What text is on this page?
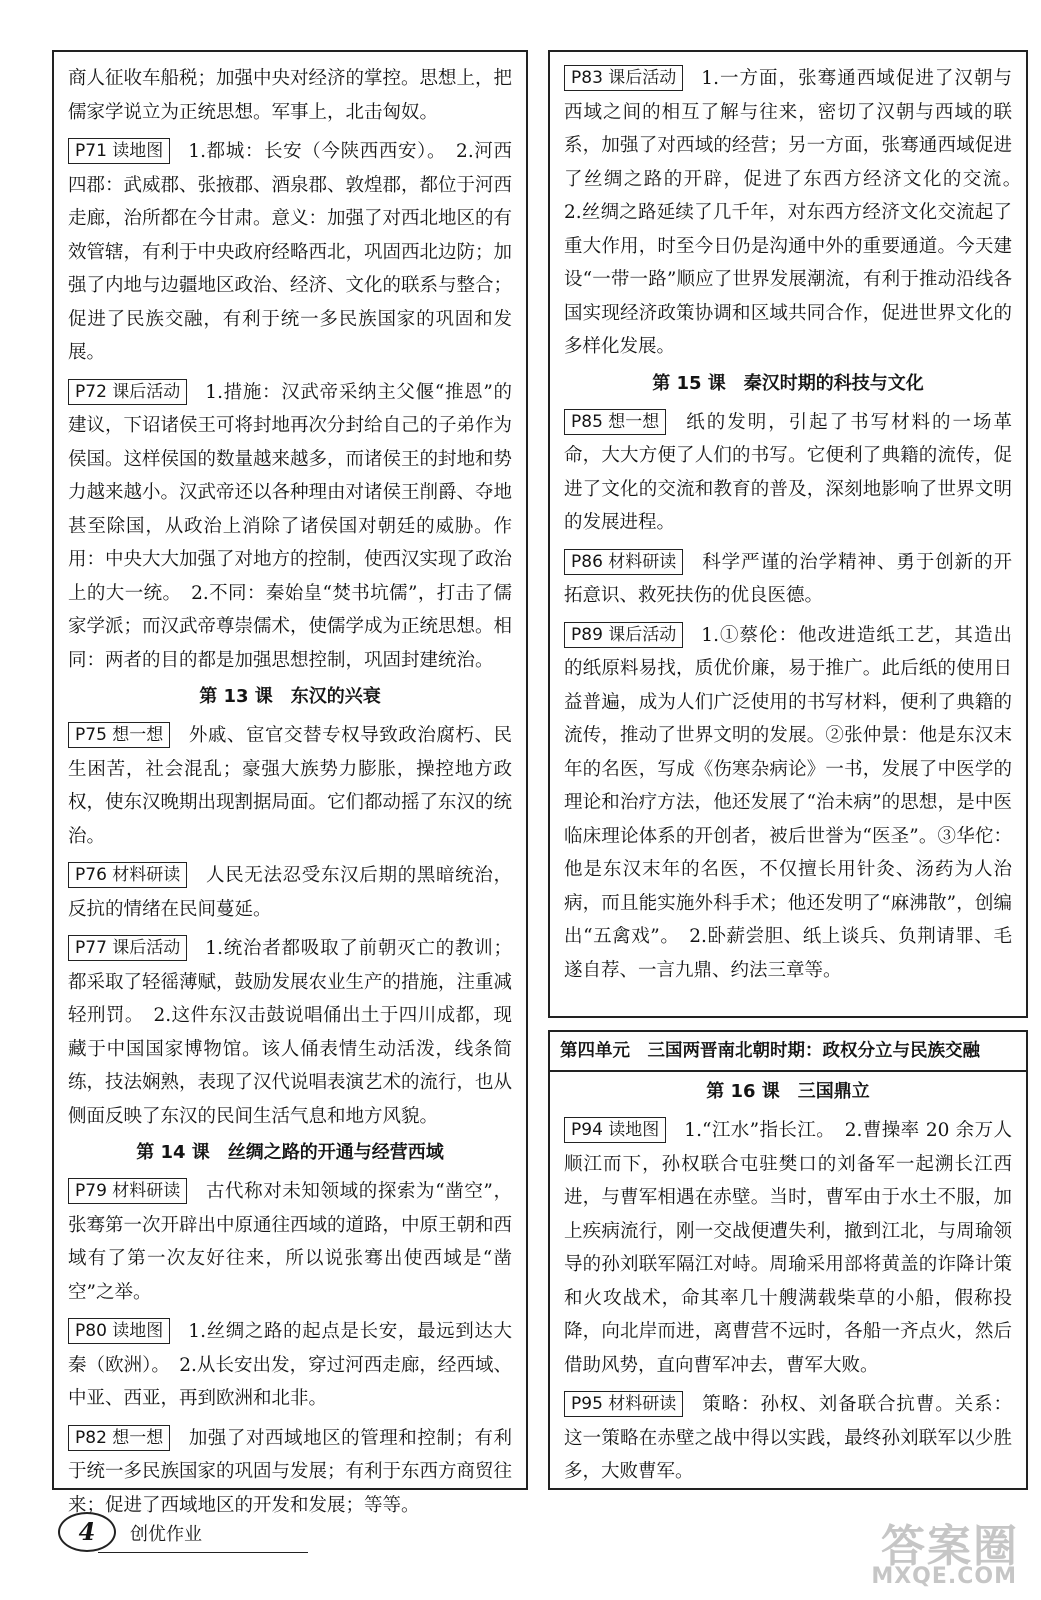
商人征收车船税；加强中央对经济的掌控。思想上，把儒家学说立为正统思想。军事上，北击匈奴。

P71 读地图 1.都城：长安（今陕西西安）。　2.河西四郡：武威郡、张掖郡、酒泉郡、敦煌郡，都位于河西走廊，治所都在今甘肃。意义：加强了对西北地区的有效管辖，有利于中央政府经略西北，巩固西北边防；加强了内地与边疆地区政治、经济、文化的联系与整合；促进了民族交融，有利于统一多民族国家的巩固和发展。

P72 课后活动 1.措施：汉武帝采纳主父偃“推恩”的建议，下诏诸侯王可将封地再次分封给自己的子弟作为侯国。这样侯国的数量越来越多，而诸侯王的封地和势力越来越小。汉武帝还以各种理由对诸侯王削爵、夺地甚至除国，从政治上消除了诸侯国对朝廷的威胁。作用：中央大大加强了对地方的控制，使西汉实现了政治上的大一统。　2.不同：秦始皇“焚书坑儒”，打击了儒家学派；而汉武帝尊崇儒术，使儒学成为正统思想。相同：两者的目的都是加强思想控制，巩固封建统治。

第 13 课　东汉的兴衰

P75 想一想 外戚、宦官交替专权导致政治腐朽、民生困苦，社会混乱；豪强大族势力膨胀，操控地方政权，使东汉晚期出现割据局面。它们都动摇了东汉的统治。

P76 材料研读 人民无法忍受东汉后期的黑暗统治，反抗的情绪在民间蔓延。

P77 课后活动 1.统治者都吸取了前朝灭亡的教训；都采取了轻徭薄赋，鼓励发展农业生产的措施，注重减轻刑罚。　2.这件东汉击鼓说唱俑出土于四川成都，现藏于中国国家博物馆。该人俑表情生动活泼，线条简练，技法娴熟，表现了汉代说唱表演艺术的流行，也从侧面反映了东汉的民间生活气息和地方风貌。

第 14 课　丝绸之路的开通与经营西域

P79 材料研读 古代称对未知领域的探索为“凿空”，张骞第一次开辟出中原通往西域的道路，中原王朝和西域有了第一次友好往来，所以说张骞出使西域是“凿空”之举。

P80 读地图 1.丝绸之路的起点是长安，最远到达大秦（欧洲）。　2.从长安出发，穿过河西走廊，经西域、中亚、西亚，再到欧洲和北非。

P82 想一想 加强了对西域地区的管理和控制；有利于统一多民族国家的巩固与发展；有利于东西方商贸往来；促进了西域地区的开发和发展；等等。

P83 课后活动 1.一方面，张骞通西域促进了汉朝与西域之间的相互了解与往来，密切了汉朝与西域的联系，加强了对西域的经营；另一方面，张骞通西域促进了丝绸之路的开辟，促进了东西方经济文化的交流。　2.丝绸之路延续了几千年，对东西方经济文化交流起了重大作用，时至今日仍是沟通中外的重要通道。今天建设“一带一路”顺应了世界发展潮流，有利于推动沿线各国实现经济政策协调和区域共同合作，促进世界文化的多样化发展。

第 15 课　秦汉时期的科技与文化

P85 想一想 纸的发明，引起了书写材料的一场革命，大大方便了人们的书写。它便利了典籍的流传，促进了文化的交流和教育的普及，深刻地影响了世界文明的发展进程。

P86 材料研读 科学严谨的治学精神、勇于创新的开拓意识、救死扶伤的优良医德。

P89 课后活动 1.①蔡伦：他改进造纸工艺，其造出的纸原料易找，质优价廉，易于推广。此后纸的使用日益普遍，成为人们广泛使用的书写材料，便利了典籍的流传，推动了世界文明的发展。②张仲景：他是东汉末年的名医，写成《伤寒杂病论》一书，发展了中医学的理论和治疗方法，他还发展了“治未病”的思想，是中医临床理论体系的开创者，被后世誉为“医圣”。③华佗：他是东汉末年的名医，不仅擅长用针灸、汤药为人治病，而且能实施外科手术；他还发明了“麻沸散”，创编出“五禽戏”。　2.卧薪尝胆、纸上谈兵、负荆请罪、毛遂自荐、一言九鼎、约法三章等。

第四单元　三国两晋南北朝时期：政权分立与民族交融
第 16 课　三国鼎立

P94 读地图 1.“江水”指长江。　2.曹操率 20 余万人顺江而下，孙权联合屯驻樊口的刘备军一起溯长江西进，与曹军相遇在赤壁。当时，曹军由于水土不服，加上疾病流行，刚一交战便遭失利，撤到江北，与周瑜领导的孙刘联军隔江对峙。周瑜采用部将黄盖的诈降计策和火攻战术，命其率几十艘满载柴草的小船，假称投降，向北岸而进，离曹营不远时，各船一齐点火，然后借助风势，直向曹军冲去，曹军大败。

P95 材料研读 策略：孙权、刘备联合抗曹。关系：这一策略在赤壁之战中得以实践，最终孙刘联军以少胜多，大败曹军。

4	创优作业	答案圈
MXQE.COM
